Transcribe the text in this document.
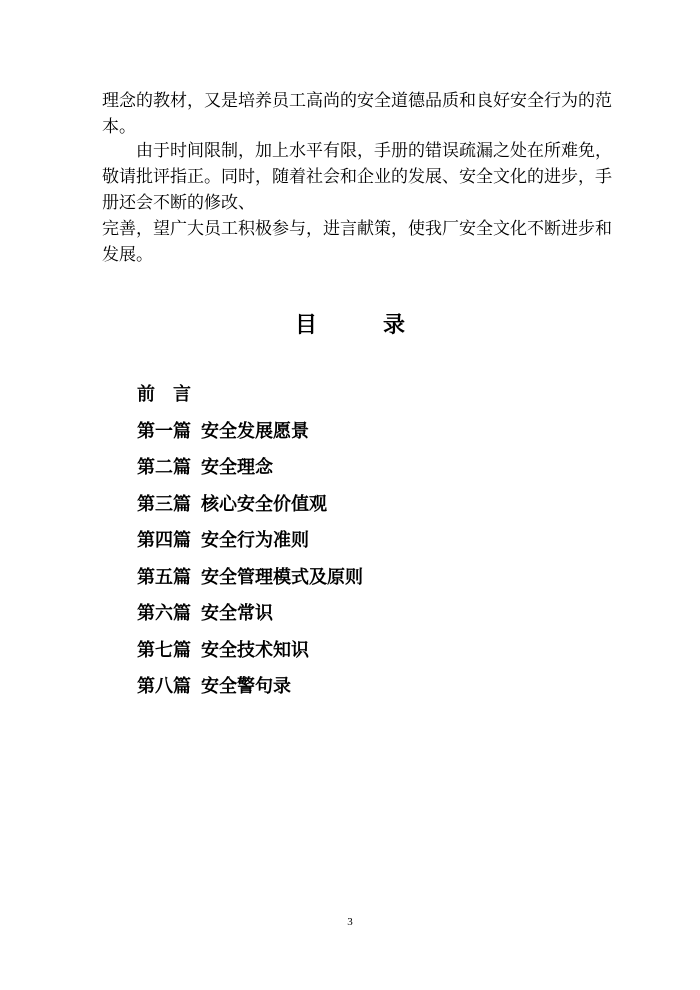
理念的教材，又是培养员工高尚的安全道德品质和良好安全行为的范
本。

　　由于时间限制，加上水平有限，手册的错误疏漏之处在所难免，
敬请批评指正。同时，随着社会和企业的发展、安全文化的进步，手
册还会不断的修改、
完善，望广大员工积极参与，进言献策，使我厂安全文化不断进步和
发展。

目	录
前言
第一篇 安全发展愿景
第二篇 安全理念
第三篇 核心安全价值观
第四篇 安全行为准则
第五篇 安全管理模式及原则
第六篇 安全常识
第七篇 安全技术知识
第八篇 安全警句录
3
